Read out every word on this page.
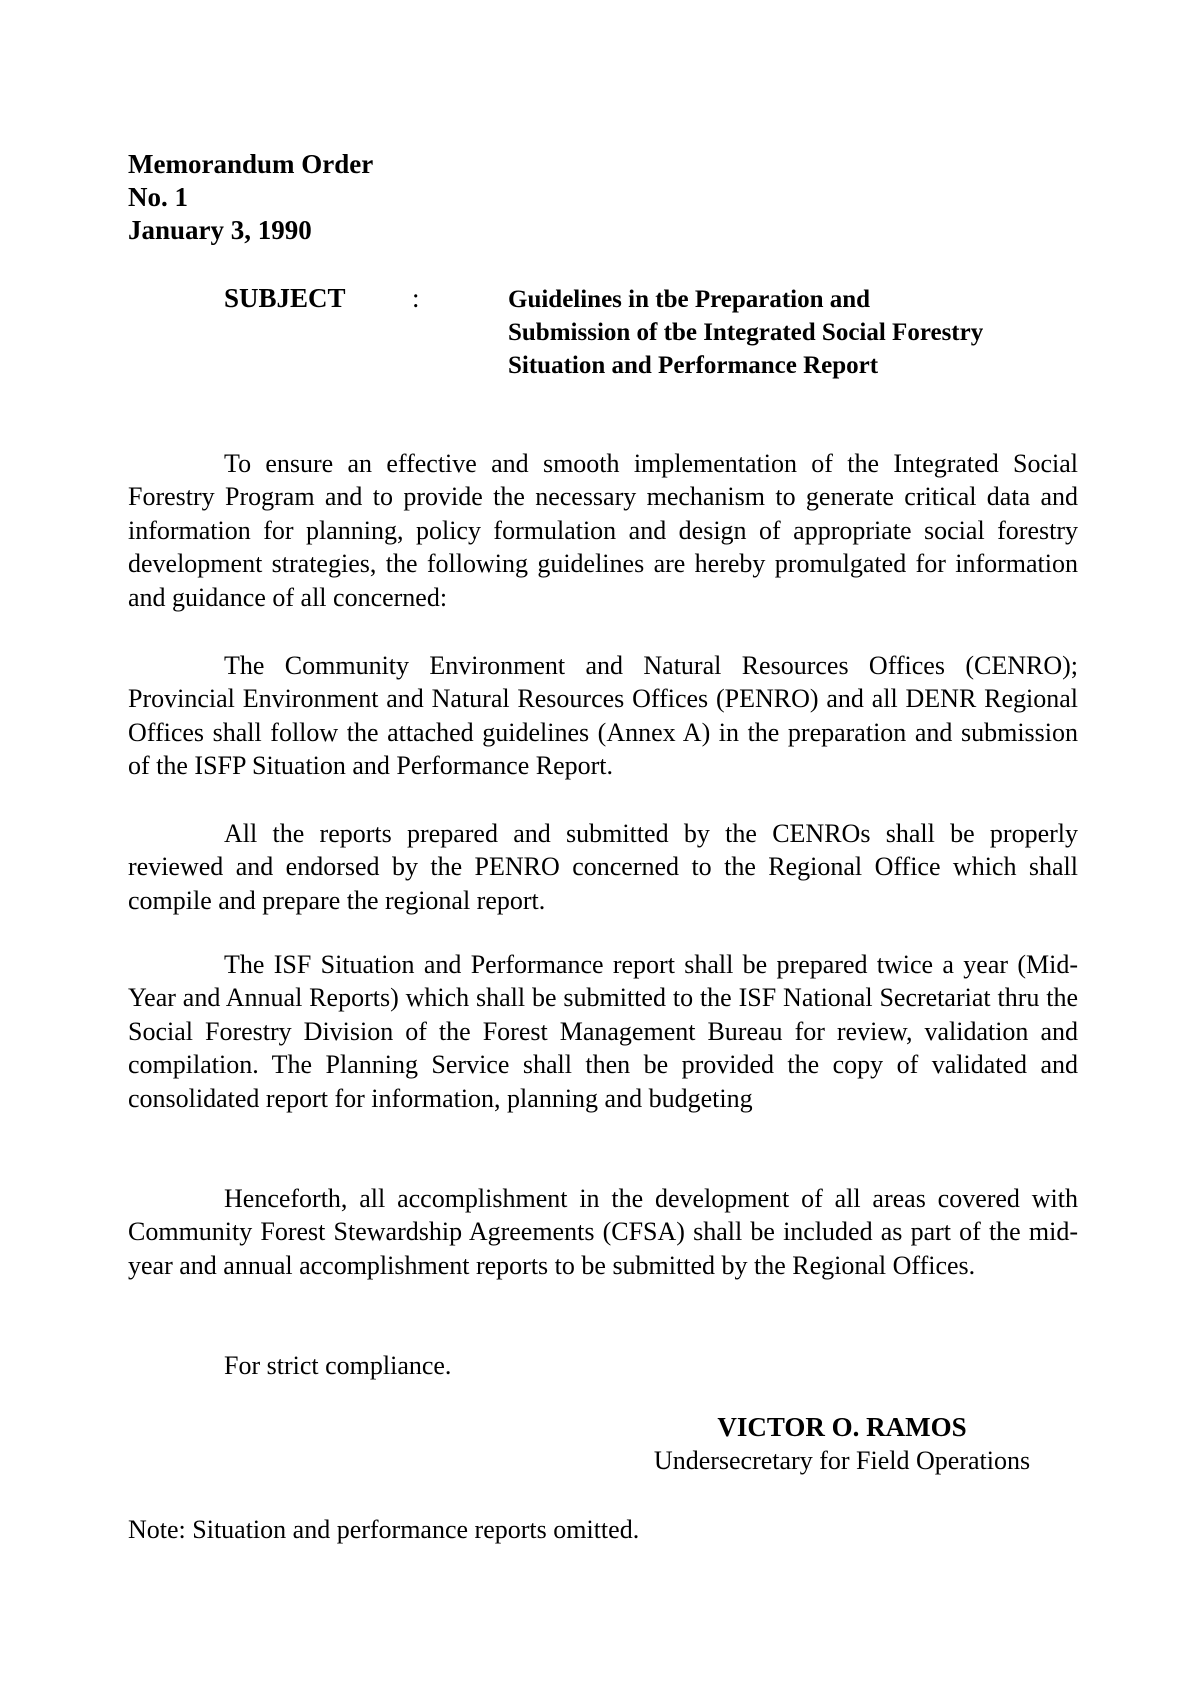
Memorandum Order
No. 1
January 3, 1990
SUBJECT :	Guidelines in tbe Preparation and Submission of tbe Integrated Social Forestry Situation and Performance Report

To ensure an effective and smooth implementation of the Integrated Social Forestry Program and to provide the necessary mechanism to generate critical data and information for planning, policy formulation and design of appropriate social forestry development strategies, the following guidelines are hereby promulgated for information and guidance of all concerned:

The Community Environment and Natural Resources Offices (CENRO); Provincial Environment and Natural Resources Offices (PENRO) and all DENR Regional Offices shall follow the attached guidelines (Annex A) in the preparation and submission of the ISFP Situation and Performance Report.

All the reports prepared and submitted by the CENROs shall be properly reviewed and endorsed by the PENRO concerned to the Regional Office which shall compile and prepare the regional report.

The ISF Situation and Performance report shall be prepared twice a year (Mid-Year and Annual Reports) which shall be submitted to the ISF National Secretariat thru the Social Forestry Division of the Forest Management Bureau for review, validation and compilation. The Planning Service shall then be provided the copy of validated and consolidated report for information, planning and budgeting

Henceforth, all accomplishment in the development of all areas covered with Community Forest Stewardship Agreements (CFSA) shall be included as part of the mid-year and annual accomplishment reports to be submitted by the Regional Offices.

For strict compliance.

VICTOR O. RAMOS
Undersecretary for Field Operations
Note: Situation and performance reports omitted.
